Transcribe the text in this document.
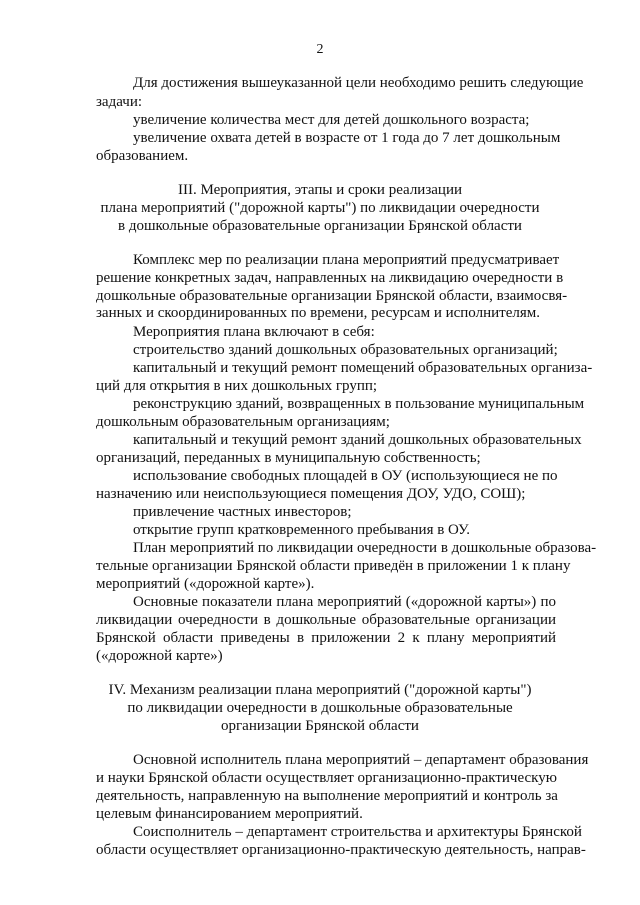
2
Для достижения вышеуказанной цели необходимо решить следующие
задачи:
увеличение количества мест для детей дошкольного возраста;
увеличение охвата детей в возрасте от 1 года до 7 лет дошкольным
образованием.
III. Мероприятия, этапы и сроки реализации
плана мероприятий ("дорожной карты") по ликвидации очередности
в дошкольные образовательные организации Брянской области
Комплекс мер по реализации плана мероприятий предусматривает
решение конкретных задач, направленных на ликвидацию очередности в
дошкольные образовательные организации Брянской области, взаимосвя-
занных и скоординированных по времени, ресурсам и исполнителям.
Мероприятия плана включают в себя:
строительство зданий дошкольных образовательных организаций;
капитальный и текущий ремонт помещений образовательных организа-
ций для открытия в них дошкольных групп;
реконструкцию зданий, возвращенных в пользование муниципальным
дошкольным образовательным организациям;
капитальный и текущий ремонт зданий дошкольных образовательных
организаций, переданных в муниципальную собственность;
использование свободных площадей в ОУ (использующиеся не по
назначению или неиспользующиеся помещения ДОУ, УДО, СОШ);
привлечение частных инвесторов;
открытие групп кратковременного пребывания в ОУ.
План мероприятий по ликвидации очередности в дошкольные образова-
тельные организации Брянской области приведён в приложении 1 к плану
мероприятий («дорожной карте»).
Основные показатели плана мероприятий («дорожной карты») по
ликвидации очередности в дошкольные образовательные организации
Брянской области приведены в приложении 2 к плану мероприятий
(«дорожной карте»)
IV. Механизм реализации плана мероприятий ("дорожной карты")
по ликвидации очередности в дошкольные образовательные
организации Брянской области
Основной исполнитель плана мероприятий – департамент образования
и науки Брянской области осуществляет организационно-практическую
деятельность, направленную на выполнение мероприятий и контроль за
целевым финансированием мероприятий.
Соисполнитель – департамент строительства и архитектуры Брянской
области осуществляет организационно-практическую деятельность, направ-
